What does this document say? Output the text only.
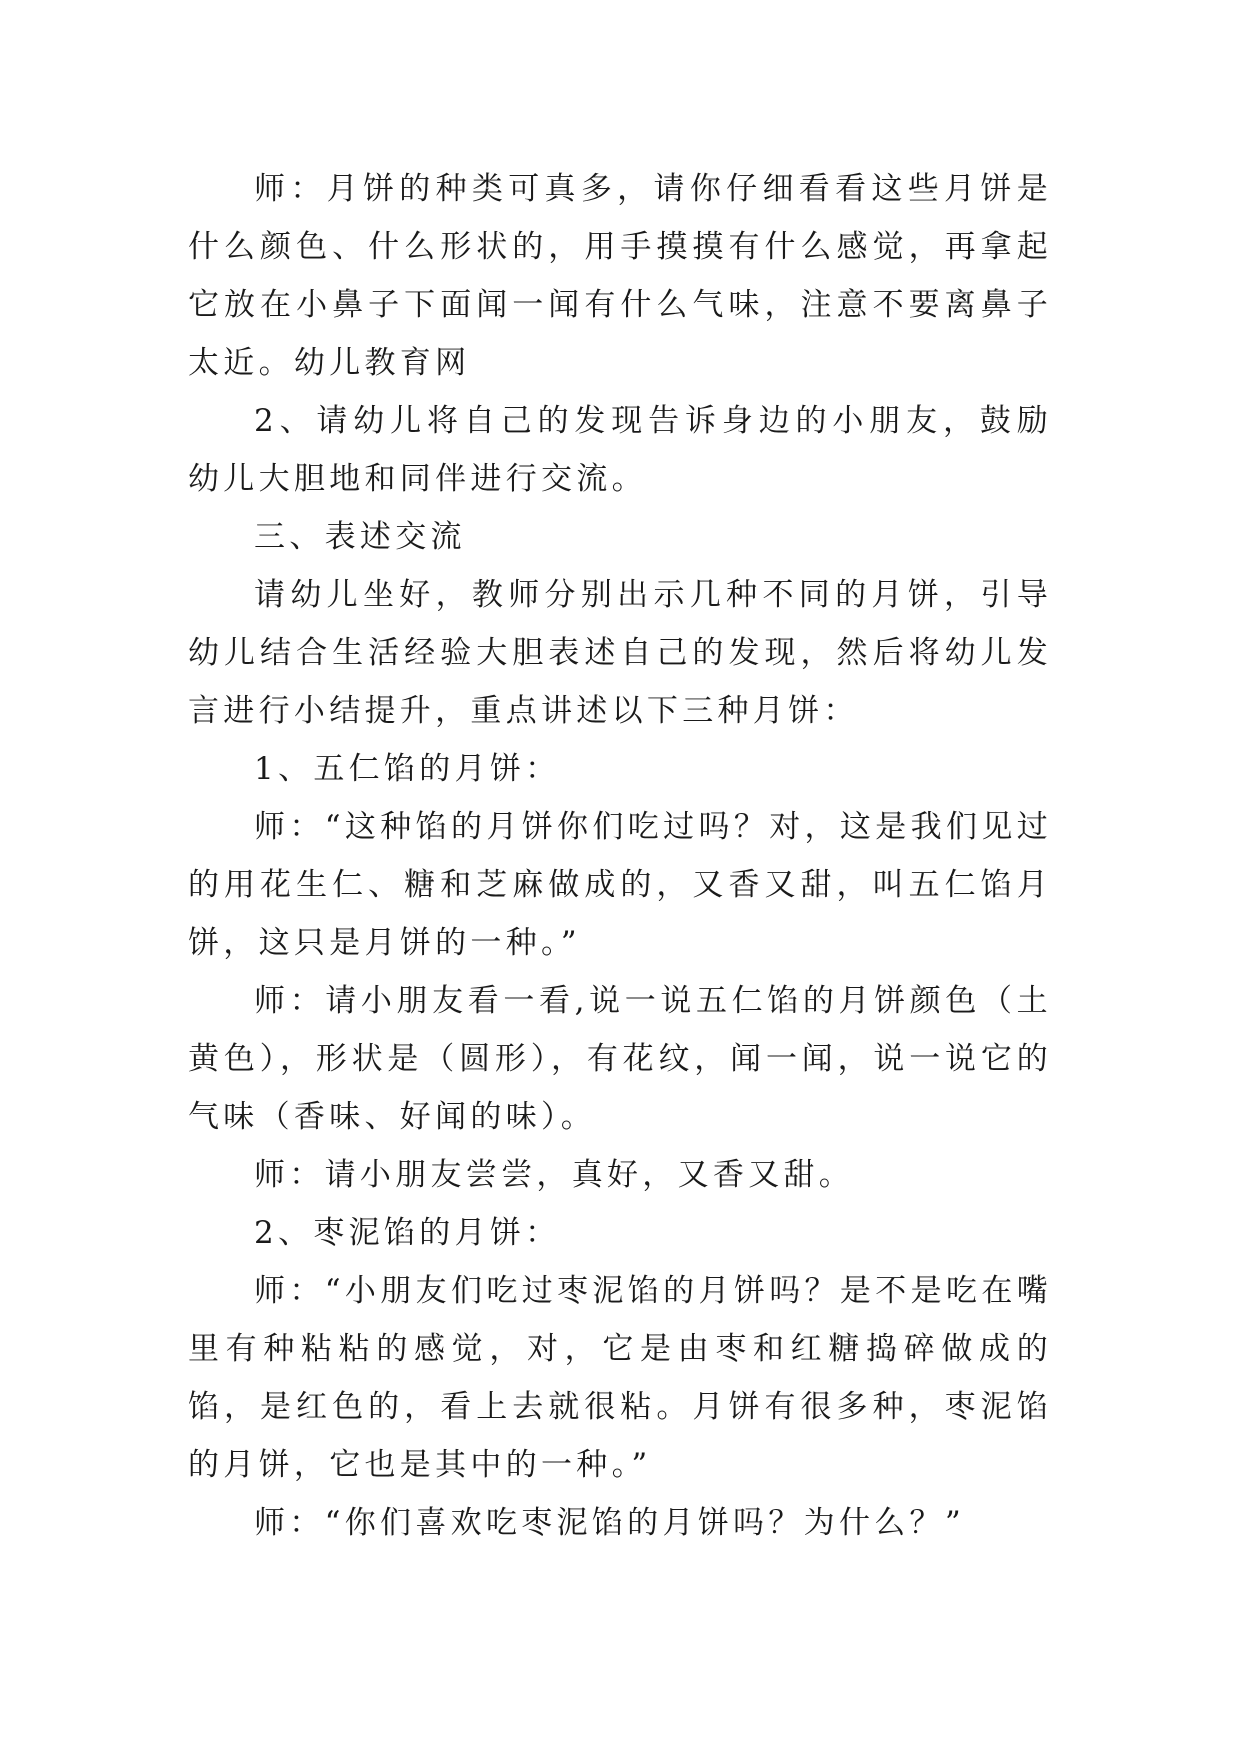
师：月饼的种类可真多，请你仔细看看这些月饼是什么颜色、什么形状的，用手摸摸有什么感觉，再拿起它放在小鼻子下面闻一闻有什么气味，注意不要离鼻子太近。幼儿教育网

2、请幼儿将自己的发现告诉身边的小朋友，鼓励幼儿大胆地和同伴进行交流。

三、表述交流

请幼儿坐好，教师分别出示几种不同的月饼，引导幼儿结合生活经验大胆表述自己的发现，然后将幼儿发言进行小结提升，重点讲述以下三种月饼：

1、五仁馅的月饼：

师：“这种馅的月饼你们吃过吗？对，这是我们见过的用花生仁、糖和芝麻做成的，又香又甜，叫五仁馅月饼，这只是月饼的一种。”

师：请小朋友看一看,说一说五仁馅的月饼颜色（土黄色），形状是（圆形），有花纹，闻一闻，说一说它的气味（香味、好闻的味）。

师：请小朋友尝尝，真好，又香又甜。

2、枣泥馅的月饼：

师：“小朋友们吃过枣泥馅的月饼吗？是不是吃在嘴里有种粘粘的感觉，对，它是由枣和红糖捣碎做成的馅，是红色的，看上去就很粘。月饼有很多种，枣泥馅的月饼，它也是其中的一种。”

师：“你们喜欢吃枣泥馅的月饼吗？为什么？”
